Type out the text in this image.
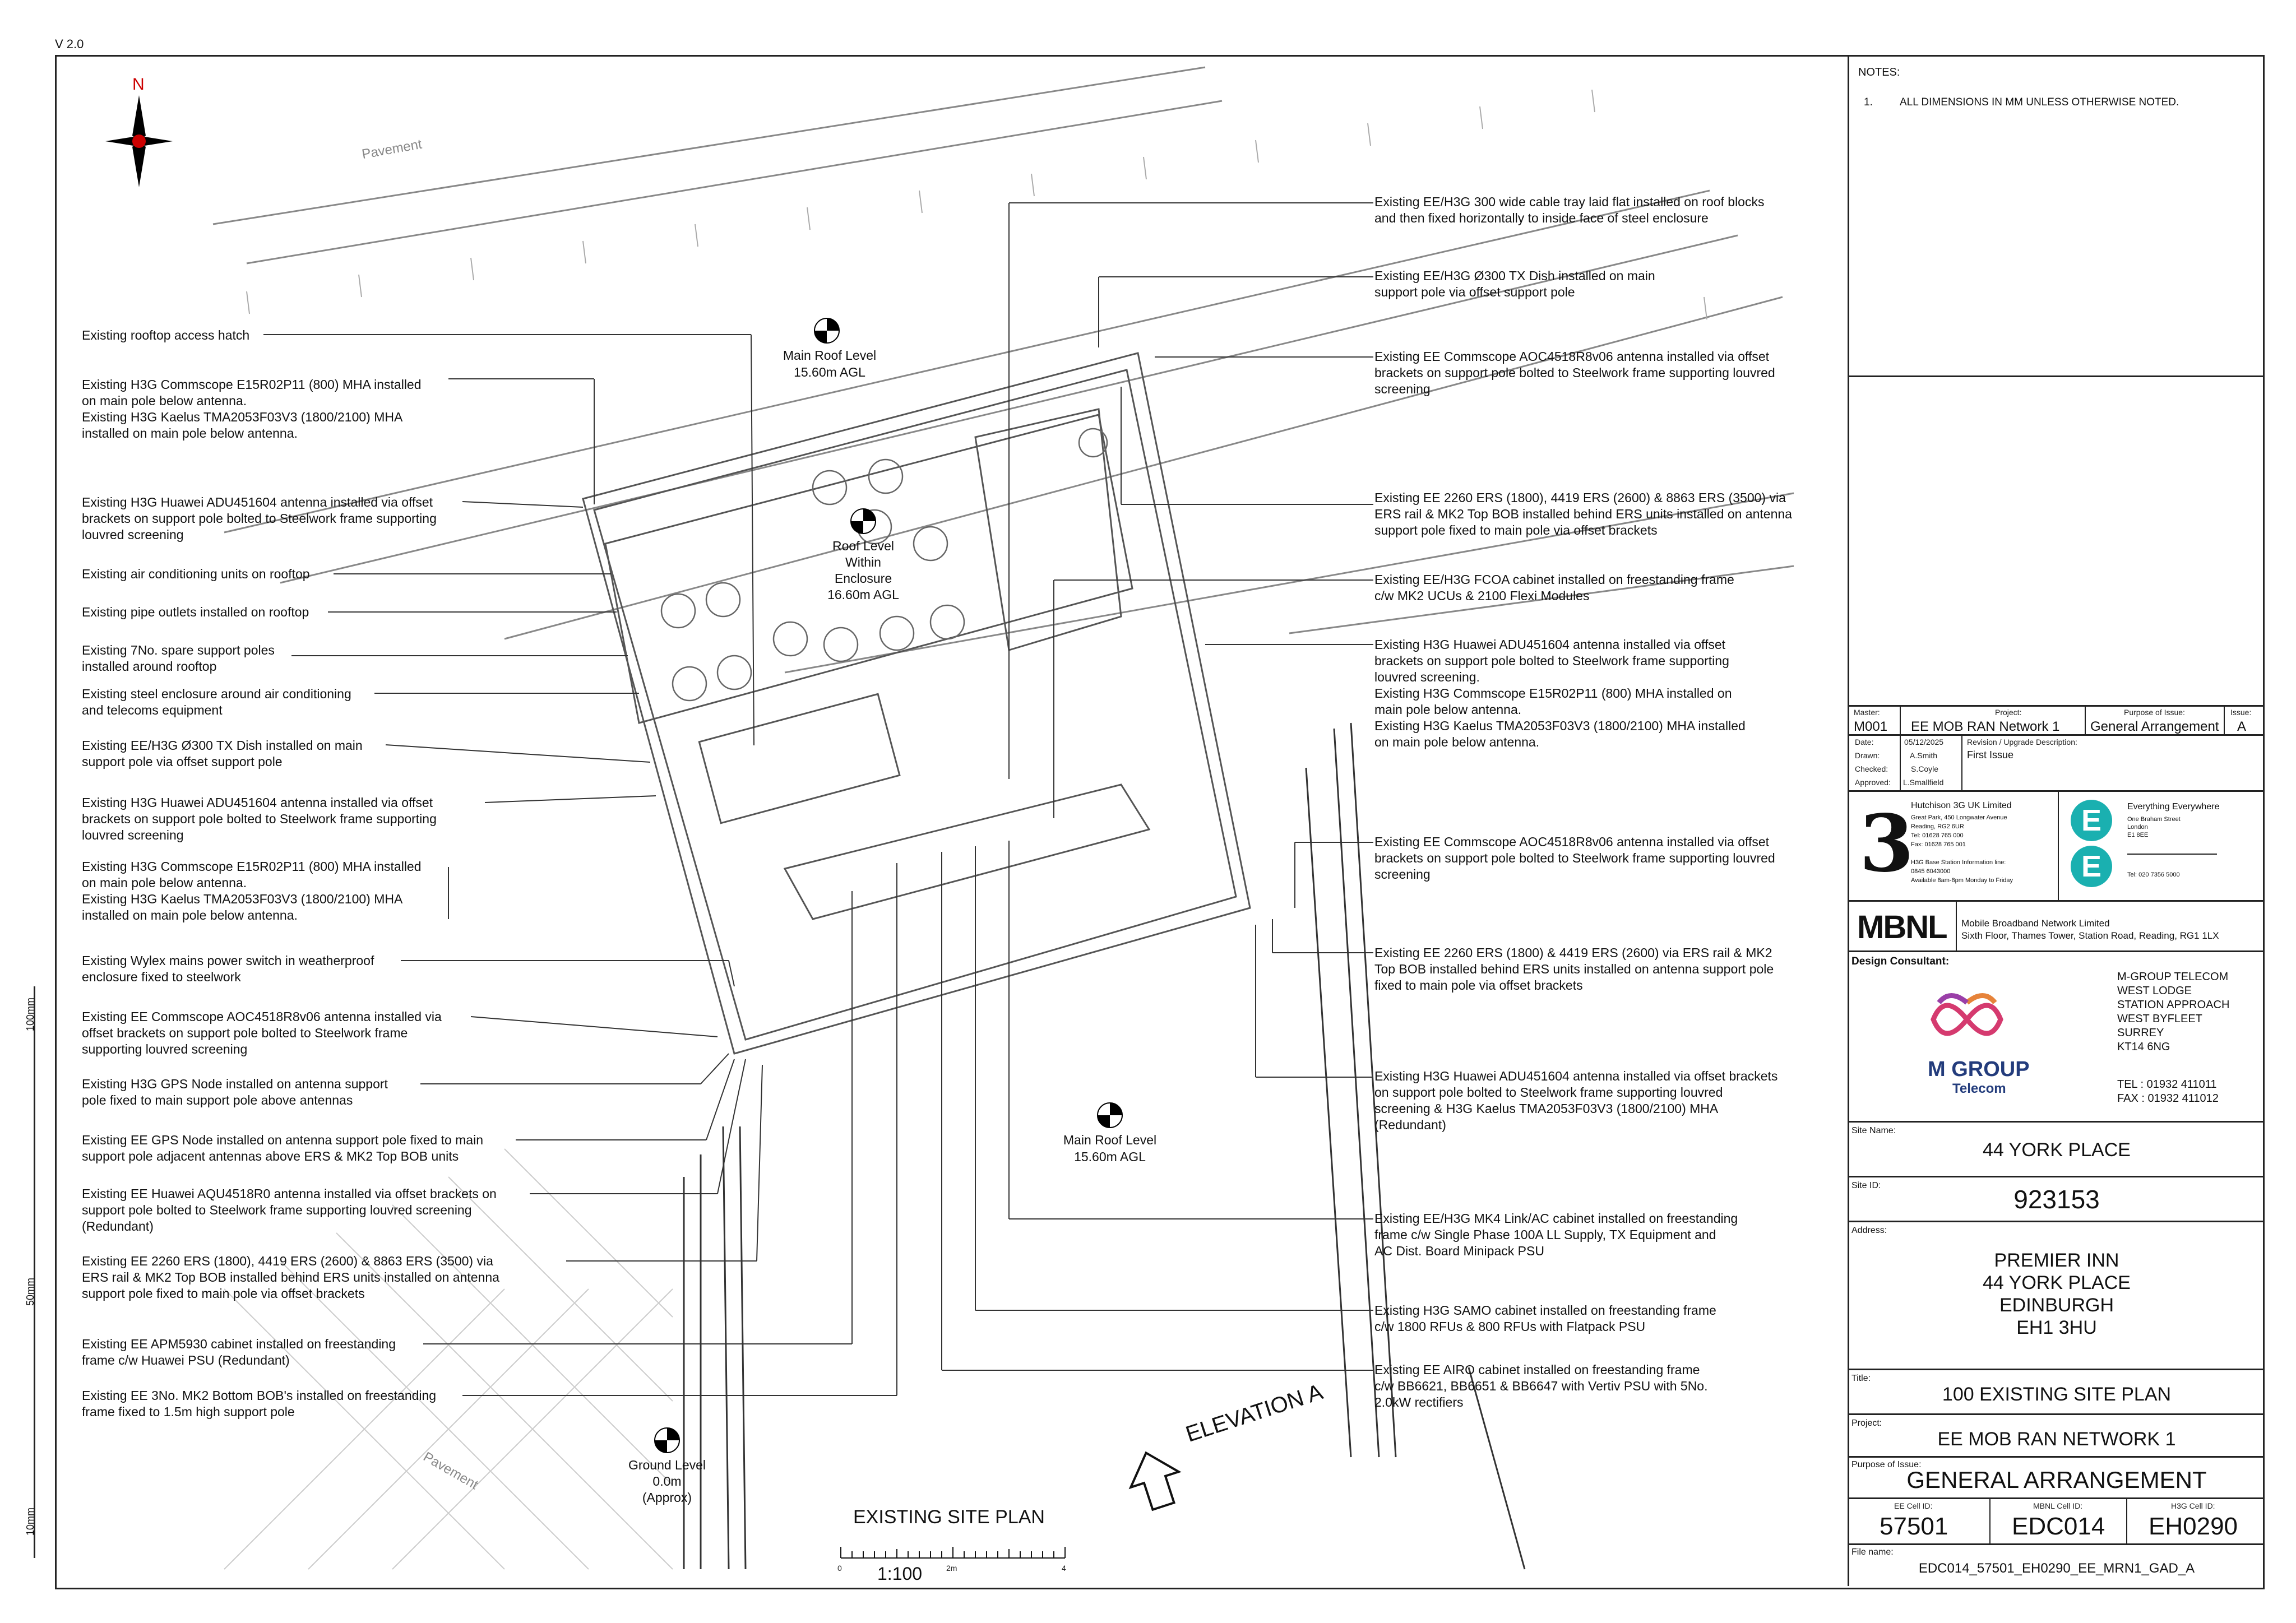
V 2.0
100mm
50mm
10mm
Pavement
Pavement
N
Main Roof Level
15.60m AGL
Roof Level
Within
Enclosure
16.60m AGL
Main Roof Level
15.60m AGL
Ground Level
0.0m
(Approx)
ELEVATION A
EXISTING SITE PLAN
1:100
0	2m	4
Existing rooftop access hatch
Existing H3G Commscope E15R02P11 (800) MHA installed
on main pole below antenna.
Existing H3G Kaelus TMA2053F03V3 (1800/2100) MHA
installed on main pole below antenna.
Existing H3G Huawei ADU451604 antenna installed via offset
brackets on support pole bolted to Steelwork frame supporting
louvred screening
Existing air conditioning units on rooftop
Existing pipe outlets installed on rooftop
Existing 7No. spare support poles
installed around rooftop
Existing steel enclosure around air conditioning
and telecoms equipment
Existing EE/H3G Ø300 TX Dish installed on main
support pole via offset support pole
Existing H3G Huawei ADU451604 antenna installed via offset
brackets on support pole bolted to Steelwork frame supporting
louvred screening
Existing H3G Commscope E15R02P11 (800) MHA installed
on main pole below antenna.
Existing H3G Kaelus TMA2053F03V3 (1800/2100) MHA
installed on main pole below antenna.
Existing Wylex mains power switch in weatherproof
enclosure fixed to steelwork
Existing EE Commscope AOC4518R8v06 antenna installed via
offset brackets on support pole bolted to Steelwork frame
supporting louvred screening
Existing H3G GPS Node installed on antenna support
pole fixed to main support pole above antennas
Existing EE GPS Node installed on antenna support pole fixed to main
support pole adjacent antennas above ERS & MK2 Top BOB units
Existing EE Huawei AQU4518R0 antenna installed via offset brackets on
support pole bolted to Steelwork frame supporting louvred screening
(Redundant)
Existing EE 2260 ERS (1800), 4419 ERS (2600) & 8863 ERS (3500) via
ERS rail & MK2 Top BOB installed behind ERS units installed on antenna
support pole fixed to main pole via offset brackets
Existing EE APM5930 cabinet installed on freestanding
frame c/w Huawei PSU (Redundant)
Existing EE 3No. MK2 Bottom BOB's installed on freestanding
frame fixed to 1.5m high support pole
Existing EE/H3G 300 wide cable tray laid flat installed on roof blocks
and then fixed horizontally to inside face of steel enclosure
Existing EE/H3G Ø300 TX Dish installed on main
support pole via offset support pole
Existing EE Commscope AOC4518R8v06 antenna installed via offset
brackets on support pole bolted to Steelwork frame supporting louvred
screening
Existing EE 2260 ERS (1800), 4419 ERS (2600) & 8863 ERS (3500) via
ERS rail & MK2 Top BOB installed behind ERS units installed on antenna
support pole fixed to main pole via offset brackets
Existing EE/H3G FCOA cabinet installed on freestanding frame
c/w MK2 UCUs & 2100 Flexi Modules
Existing H3G Huawei ADU451604 antenna installed via offset
brackets on support pole bolted to Steelwork frame supporting
louvred screening.
Existing H3G Commscope E15R02P11 (800) MHA installed on
main pole below antenna.
Existing H3G Kaelus TMA2053F03V3 (1800/2100) MHA installed
on main pole below antenna.
Existing EE Commscope AOC4518R8v06 antenna installed via offset
brackets on support pole bolted to Steelwork frame supporting louvred
screening
Existing EE 2260 ERS (1800) & 4419 ERS (2600) via ERS rail & MK2
Top BOB installed behind ERS units installed on antenna support pole
fixed to main pole via offset brackets
Existing H3G Huawei ADU451604 antenna installed via offset brackets
on support pole bolted to Steelwork frame supporting louvred
screening & H3G Kaelus TMA2053F03V3 (1800/2100) MHA
(Redundant)
Existing EE/H3G MK4 Link/AC cabinet installed on freestanding
frame c/w Single Phase 100A LL Supply, TX Equipment and
AC Dist. Board Minipack PSU
Existing H3G SAMO cabinet installed on freestanding frame
c/w 1800 RFUs & 800 RFUs with Flatpack PSU
Existing EE AIRO cabinet installed on freestanding frame
c/w BB6621, BB6651 & BB6647 with Vertiv PSU with 5No.
2.0kW rectifiers
NOTES:
1.	ALL DIMENSIONS IN MM UNLESS OTHERWISE NOTED.
Master:
M001
Project:
EE MOB RAN Network 1
Purpose of Issue:
General Arrangement
Issue:
A
Date:	05/12/2025
Drawn:	A.Smith
Checked:	S.Coyle
Approved: L.Smallfield
Revision / Upgrade Description:
First Issue
3
Hutchison 3G UK Limited
Great Park, 450 Longwater Avenue
Reading, RG2 6UR
Tel: 01628 765 000
Fax: 01628 765 001
H3G Base Station Information line:
0845 6043000
Available 8am-8pm Monday to Friday
E
E
Everything Everywhere
One Braham Street
London
E1 8EE
Tel: 020 7356 5000
MBNL Mobile Broadband Network Limited
Sixth Floor, Thames Tower, Station Road, Reading, RG1 1LX
Design Consultant:
M GROUP
Telecom
M-GROUP TELECOM
WEST LODGE
STATION APPROACH
WEST BYFLEET
SURREY
KT14 6NG
TEL : 01932 411011
FAX : 01932 411012
Site Name:
44 YORK PLACE
Site ID:	923153
Address:
PREMIER INN
44 YORK PLACE
EDINBURGH
EH1 3HU
Title:
100 EXISTING SITE PLAN
Project:
EE MOB RAN NETWORK 1
Purpose of Issue:
GENERAL ARRANGEMENT
EE Cell ID:
57501
MBNL Cell ID:
EDC014
H3G Cell ID:
EH0290
File name:
EDC014_57501_EH0290_EE_MRN1_GAD_A
